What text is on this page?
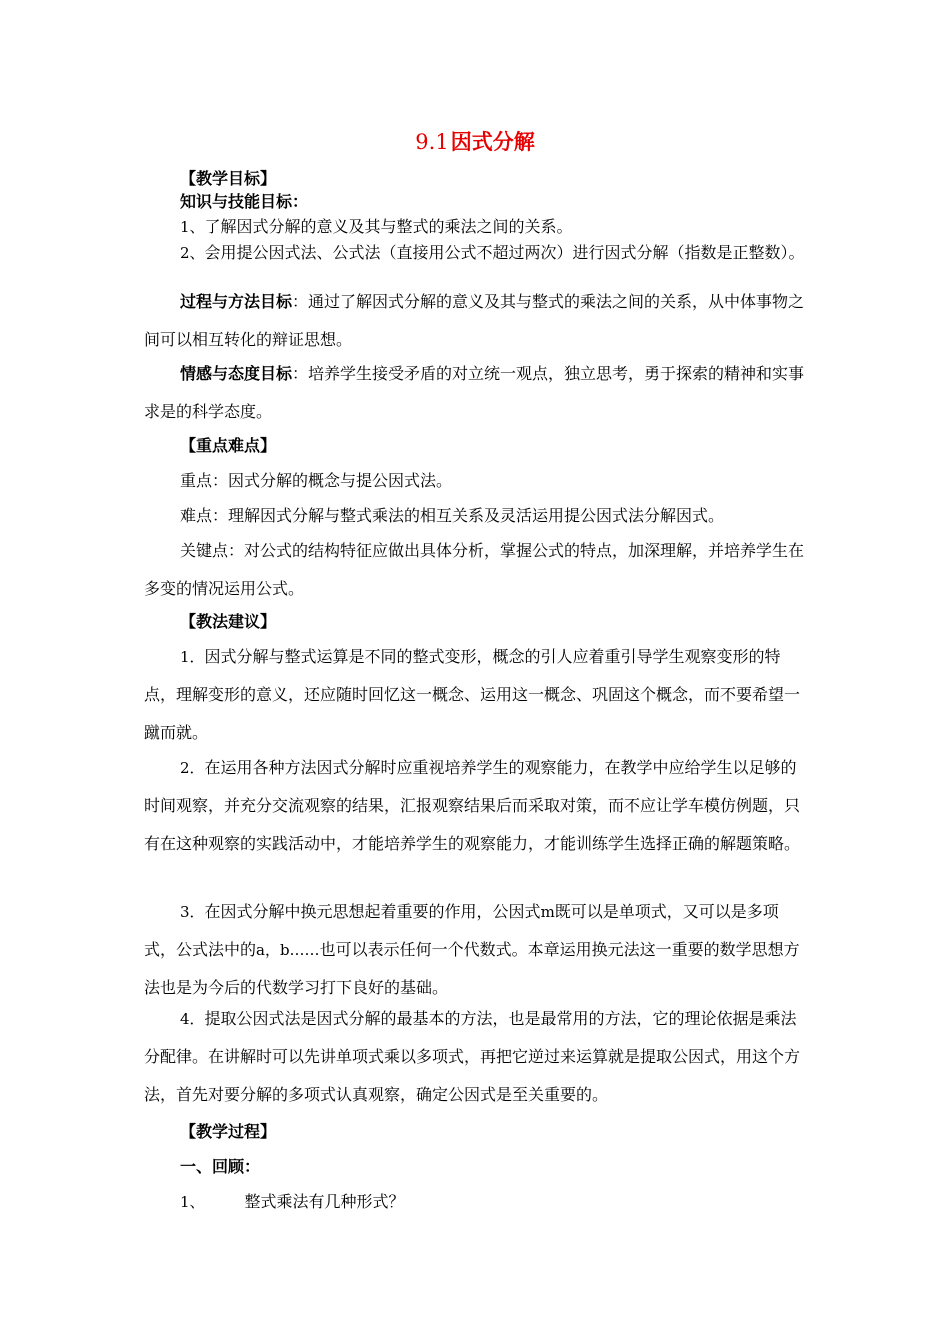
9.1因式分解

【教学目标】

知识与技能目标：

1、了解因式分解的意义及其与整式的乘法之间的关系。

2、会用提公因式法、公式法（直接用公式不超过两次）进行因式分解（指数是正整数）。

过程与方法目标：通过了解因式分解的意义及其与整式的乘法之间的关系，从中体事物之间可以相互转化的辩证思想。

情感与态度目标：培养学生接受矛盾的对立统一观点，独立思考，勇于探索的精神和实事求是的科学态度。

【重点难点】

重点：因式分解的概念与提公因式法。

难点：理解因式分解与整式乘法的相互关系及灵活运用提公因式法分解因式。

关键点：对公式的结构特征应做出具体分析，掌握公式的特点，加深理解，并培养学生在多变的情况运用公式。

【教法建议】

1．因式分解与整式运算是不同的整式变形，概念的引人应着重引导学生观察变形的特点，理解变形的意义，还应随时回忆这一概念、运用这一概念、巩固这个概念，而不要希望一蹴而就。

2．在运用各种方法因式分解时应重视培养学生的观察能力，在教学中应给学生以足够的时间观察，并充分交流观察的结果，汇报观察结果后而采取对策，而不应让学车模仿例题，只有在这种观察的实践活动中，才能培养学生的观察能力，才能训练学生选择正确的解题策略。

3．在因式分解中换元思想起着重要的作用，公因式m既可以是单项式，又可以是多项式，公式法中的a，b……也可以表示任何一个代数式。本章运用换元法这一重要的数学思想方法也是为今后的代数学习打下良好的基础。

4．提取公因式法是因式分解的最基本的方法，也是最常用的方法，它的理论依据是乘法分配律。在讲解时可以先讲单项式乘以多项式，再把它逆过来运算就是提取公因式，用这个方法，首先对要分解的多项式认真观察，确定公因式是至关重要的。

【教学过程】

一、回顾：

1、	整式乘法有几种形式？
